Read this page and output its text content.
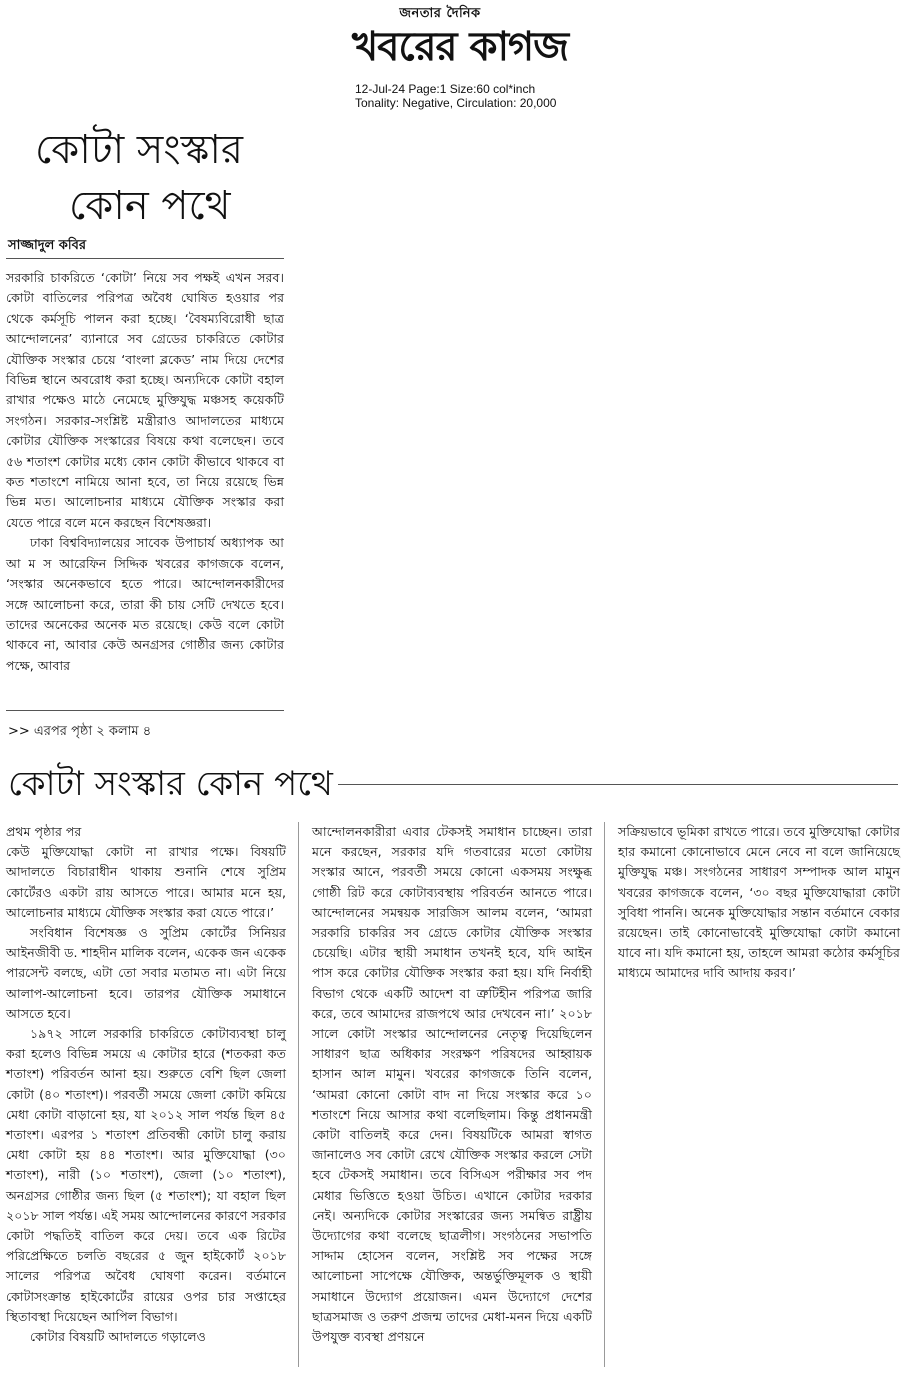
জনতার দৈনিক
খবরের কাগজ
12-Jul-24 Page:1 Size:60 col*inch
Tonality: Negative, Circulation: 20,000
কোটা সংস্কার
কোন পথে
সাজ্জাদুল কবির

সরকারি চাকরিতে ‘কোটা’ নিয়ে সব পক্ষই এখন সরব। কোটা বাতিলের পরিপত্র অবৈধ ঘোষিত হওয়ার পর থেকে কর্মসূচি পালন করা হচ্ছে। ‘বৈষম্যবিরোধী ছাত্র আন্দোলনের’ ব্যানারে সব গ্রেডের চাকরিতে কোটার যৌক্তিক সংস্কার চেয়ে ‘বাংলা ব্লকেড’ নাম দিয়ে দেশের বিভিন্ন স্থানে অবরোধ করা হচ্ছে। অন্যদিকে কোটা বহাল রাখার পক্ষেও মাঠে নেমেছে মুক্তিযুদ্ধ মঞ্চসহ কয়েকটি সংগঠন। সরকার-সংশ্লিষ্ট মন্ত্রীরাও আদালতের মাধ্যমে কোটার যৌক্তিক সংস্কারের বিষয়ে কথা বলেছেন। তবে ৫৬ শতাংশ কোটার মধ্যে কোন কোটা কীভাবে থাকবে বা কত শতাংশে নামিয়ে আনা হবে, তা নিয়ে রয়েছে ভিন্ন ভিন্ন মত। আলোচনার মাধ্যমে যৌক্তিক সংস্কার করা যেতে পারে বলে মনে করছেন বিশেষজ্ঞরা।

ঢাকা বিশ্ববিদ্যালয়ের সাবেক উপাচার্য অধ্যাপক আ আ ম স আরেফিন সিদ্দিক খবরের কাগজকে বলেন, ‘সংস্কার অনেকভাবে হতে পারে। আন্দোলনকারীদের সঙ্গে আলোচনা করে, তারা কী চায় সেটি দেখতে হবে। তাদের অনেকের অনেক মত রয়েছে। কেউ বলে কোটা থাকবে না, আবার কেউ অনগ্রসর গোষ্ঠীর জন্য কোটার পক্ষে, আবার

>> এরপর পৃষ্ঠা ২ কলাম ৪
কোটা সংস্কার কোন পথে

প্রথম পৃষ্ঠার পর

কেউ মুক্তিযোদ্ধা কোটা না রাখার পক্ষে। বিষয়টি আদালতে বিচারাধীন থাকায় শুনানি শেষে সুপ্রিম কোর্টেরও একটা রায় আসতে পারে। আমার মনে হয়, আলোচনার মাধ্যমে যৌক্তিক সংস্কার করা যেতে পারে।’

সংবিধান বিশেষজ্ঞ ও সুপ্রিম কোর্টের সিনিয়র আইনজীবী ড. শাহদীন মালিক বলেন, একেক জন একেক পারসেন্ট বলছে, এটা তো সবার মতামত না। এটা নিয়ে আলাপ-আলোচনা হবে। তারপর যৌক্তিক সমাধানে আসতে হবে।

১৯৭২ সালে সরকারি চাকরিতে কোটাব্যবস্থা চালু করা হলেও বিভিন্ন সময়ে এ কোটার হারে (শতকরা কত শতাংশ) পরিবর্তন আনা হয়। শুরুতে বেশি ছিল জেলা কোটা (৪০ শতাংশ)। পরবর্তী সময়ে জেলা কোটা কমিয়ে মেধা কোটা বাড়ানো হয়, যা ২০১২ সাল পর্যন্ত ছিল ৪৫ শতাংশ। এরপর ১ শতাংশ প্রতিবন্ধী কোটা চালু করায় মেধা কোটা হয় ৪৪ শতাংশ। আর মুক্তিযোদ্ধা (৩০ শতাংশ), নারী (১০ শতাংশ), জেলা (১০ শতাংশ), অনগ্রসর গোষ্ঠীর জন্য ছিল (৫ শতাংশ); যা বহাল ছিল ২০১৮ সাল পর্যন্ত। এই সময় আন্দোলনের কারণে সরকার কোটা পদ্ধতিই বাতিল করে দেয়। তবে এক রিটের পরিপ্রেক্ষিতে চলতি বছরের ৫ জুন হাইকোর্ট ২০১৮ সালের পরিপত্র অবৈধ ঘোষণা করেন। বর্তমানে কোটাসংক্রান্ত হাইকোর্টের রায়ের ওপর চার সপ্তাহের স্থিতাবস্থা দিয়েছেন আপিল বিভাগ।

কোটার বিষয়টি আদালতে গড়ালেও

আন্দোলনকারীরা এবার টেকসই সমাধান চাচ্ছেন। তারা মনে করছেন, সরকার যদি গতবারের মতো কোটায় সংস্কার আনে, পরবর্তী সময়ে কোনো একসময় সংক্ষুব্ধ গোষ্ঠী রিট করে কোটাব্যবস্থায় পরিবর্তন আনতে পারে। আন্দোলনের সমন্বয়ক সারজিস আলম বলেন, ‘আমরা সরকারি চাকরির সব গ্রেডে কোটার যৌক্তিক সংস্কার চেয়েছি। এটার স্থায়ী সমাধান তখনই হবে, যদি আইন পাস করে কোটার যৌক্তিক সংস্কার করা হয়। যদি নির্বাহী বিভাগ থেকে একটি আদেশ বা ত্রুটিহীন পরিপত্র জারি করে, তবে আমাদের রাজপথে আর দেখবেন না।’ ২০১৮ সালে কোটা সংস্কার আন্দোলনের নেতৃত্ব দিয়েছিলেন সাধারণ ছাত্র অধিকার সংরক্ষণ পরিষদের আহ্বায়ক হাসান আল মামুন। খবরের কাগজকে তিনি বলেন, ‘আমরা কোনো কোটা বাদ না দিয়ে সংস্কার করে ১০ শতাংশে নিয়ে আসার কথা বলেছিলাম। কিন্তু প্রধানমন্ত্রী কোটা বাতিলই করে দেন। বিষয়টিকে আমরা স্বাগত জানালেও সব কোটা রেখে যৌক্তিক সংস্কার করলে সেটা হবে টেকসই সমাধান। তবে বিসিএস পরীক্ষার সব পদ মেধার ভিত্তিতে হওয়া উচিত। এখানে কোটার দরকার নেই। অন্যদিকে কোটার সংস্কারের জন্য সমন্বিত রাষ্ট্রীয় উদ্যোগের কথা বলেছে ছাত্রলীগ। সংগঠনের সভাপতি সাদ্দাম হোসেন বলেন, সংশ্লিষ্ট সব পক্ষের সঙ্গে আলোচনা সাপেক্ষে যৌক্তিক, অন্তর্ভুক্তিমূলক ও স্থায়ী সমাধানে উদ্যোগ প্রয়োজন। এমন উদ্যোগে দেশের ছাত্রসমাজ ও তরুণ প্রজন্ম তাদের মেধা-মনন দিয়ে একটি উপযুক্ত ব্যবস্থা প্রণয়নে

সক্রিয়ভাবে ভূমিকা রাখতে পারে। তবে মুক্তিযোদ্ধা কোটার হার কমানো কোনোভাবে মেনে নেবে না বলে জানিয়েছে মুক্তিযুদ্ধ মঞ্চ। সংগঠনের সাধারণ সম্পাদক আল মামুন খবরের কাগজকে বলেন, ‘৩০ বছর মুক্তিযোদ্ধারা কোটা সুবিধা পাননি। অনেক মুক্তিযোদ্ধার সন্তান বর্তমানে বেকার রয়েছেন। তাই কোনোভাবেই মুক্তিযোদ্ধা কোটা কমানো যাবে না। যদি কমানো হয়, তাহলে আমরা কঠোর কর্মসূচির মাধ্যমে আমাদের দাবি আদায় করব।’
